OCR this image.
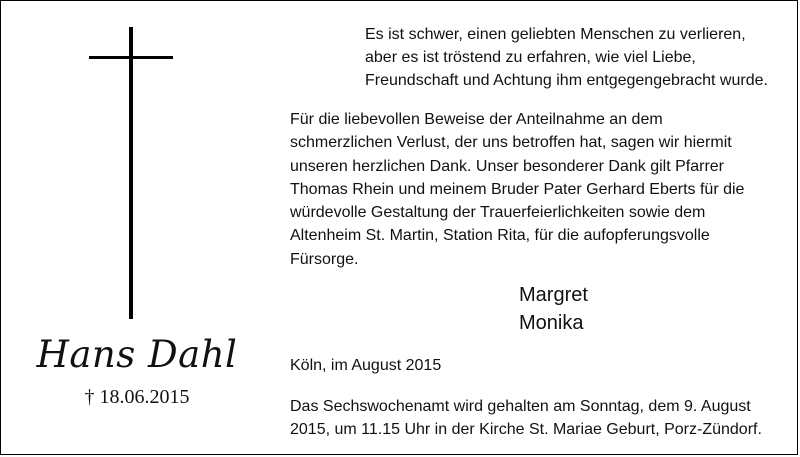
Hans Dahl
† 18.06.2015
Es ist schwer, einen geliebten Menschen zu verlieren,
aber es ist tröstend zu erfahren, wie viel Liebe,
Freundschaft und Achtung ihm entgegengebracht wurde.
Für die liebevollen Beweise der Anteilnahme an dem
schmerzlichen Verlust, der uns betroffen hat, sagen wir hiermit
unseren herzlichen Dank. Unser besonderer Dank gilt Pfarrer
Thomas Rhein und meinem Bruder Pater Gerhard Eberts für die
würdevolle Gestaltung der Trauerfeierlichkeiten sowie dem
Altenheim St. Martin, Station Rita, für die aufopferungsvolle
Fürsorge.
Margret
Monika
Köln, im August 2015
Das Sechswochenamt wird gehalten am Sonntag, dem 9. August
2015, um 11.15 Uhr in der Kirche St. Mariae Geburt, Porz-Zündorf.
